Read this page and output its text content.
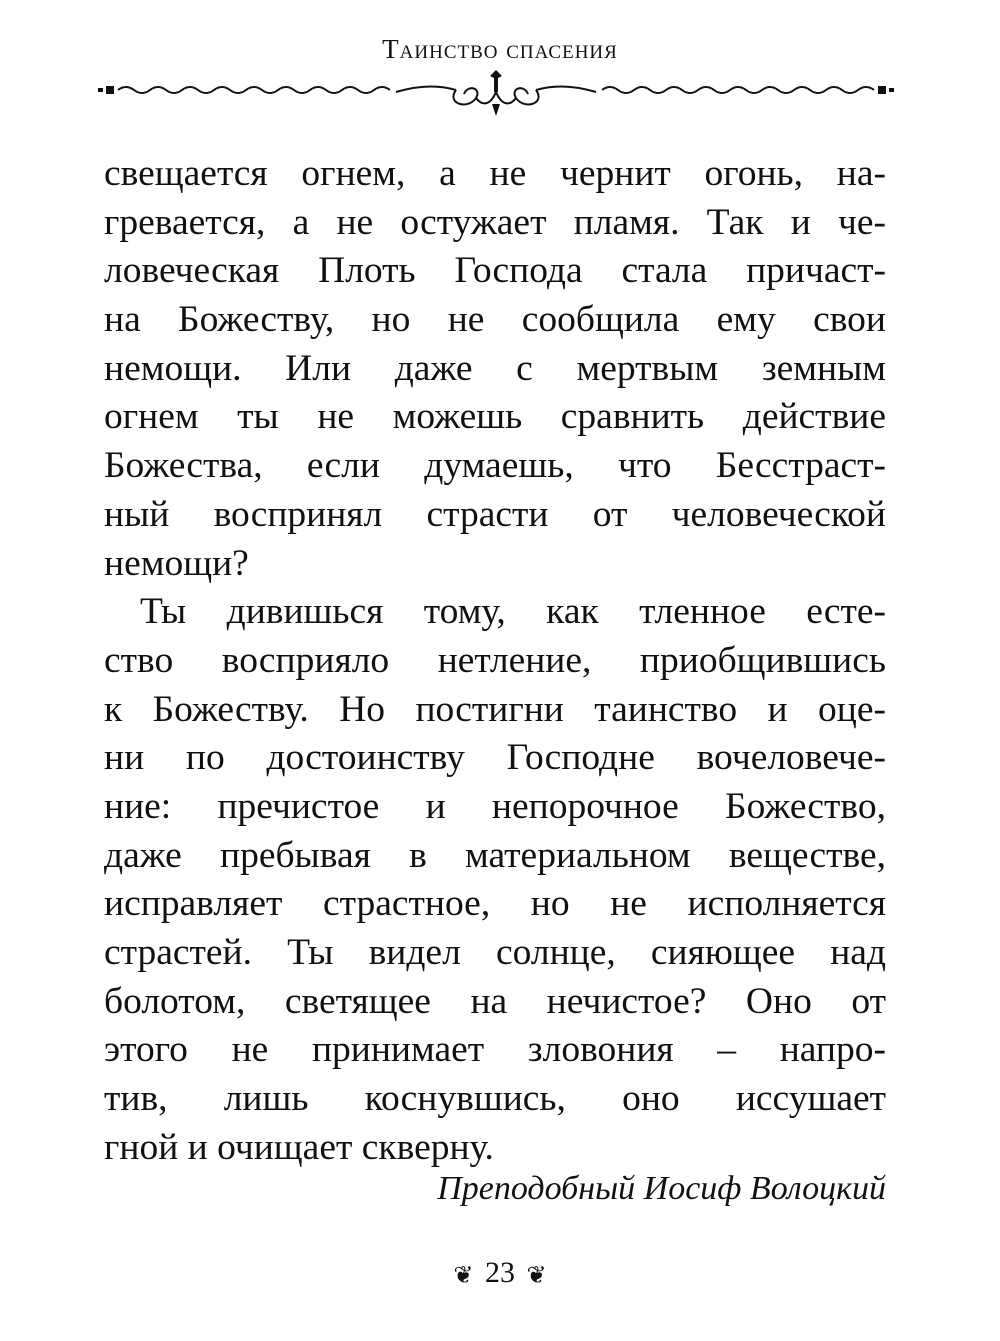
Таинство спасения

свещается огнем, а не чернит огонь, на-
гревается, а не остужает пламя. Так и че-
ловеческая Плоть Господа стала причаст-
на Божеству, но не сообщила ему свои
немощи. Или даже с мертвым земным
огнем ты не можешь сравнить действие
Божества, если думаешь, что Бесстраст-
ный воспринял страсти от человеческой
немощи?

Ты дивишься тому, как тленное есте-
ство восприяло нетление, приобщившись
к Божеству. Но постигни таинство и оце-
ни по достоинству Господне вочеловече-
ние: пречистое и непорочное Божество,
даже пребывая в материальном веществе,
исправляет страстное, но не исполняется
страстей. Ты видел солнце, сияющее над
болотом, светящее на нечистое? Оно от
этого не принимает зловония – напро-
тив, лишь коснувшись, оно иссушает
гной и очищает скверну.

Преподобный Иосиф Волоцкий
❦ 23 ❦
